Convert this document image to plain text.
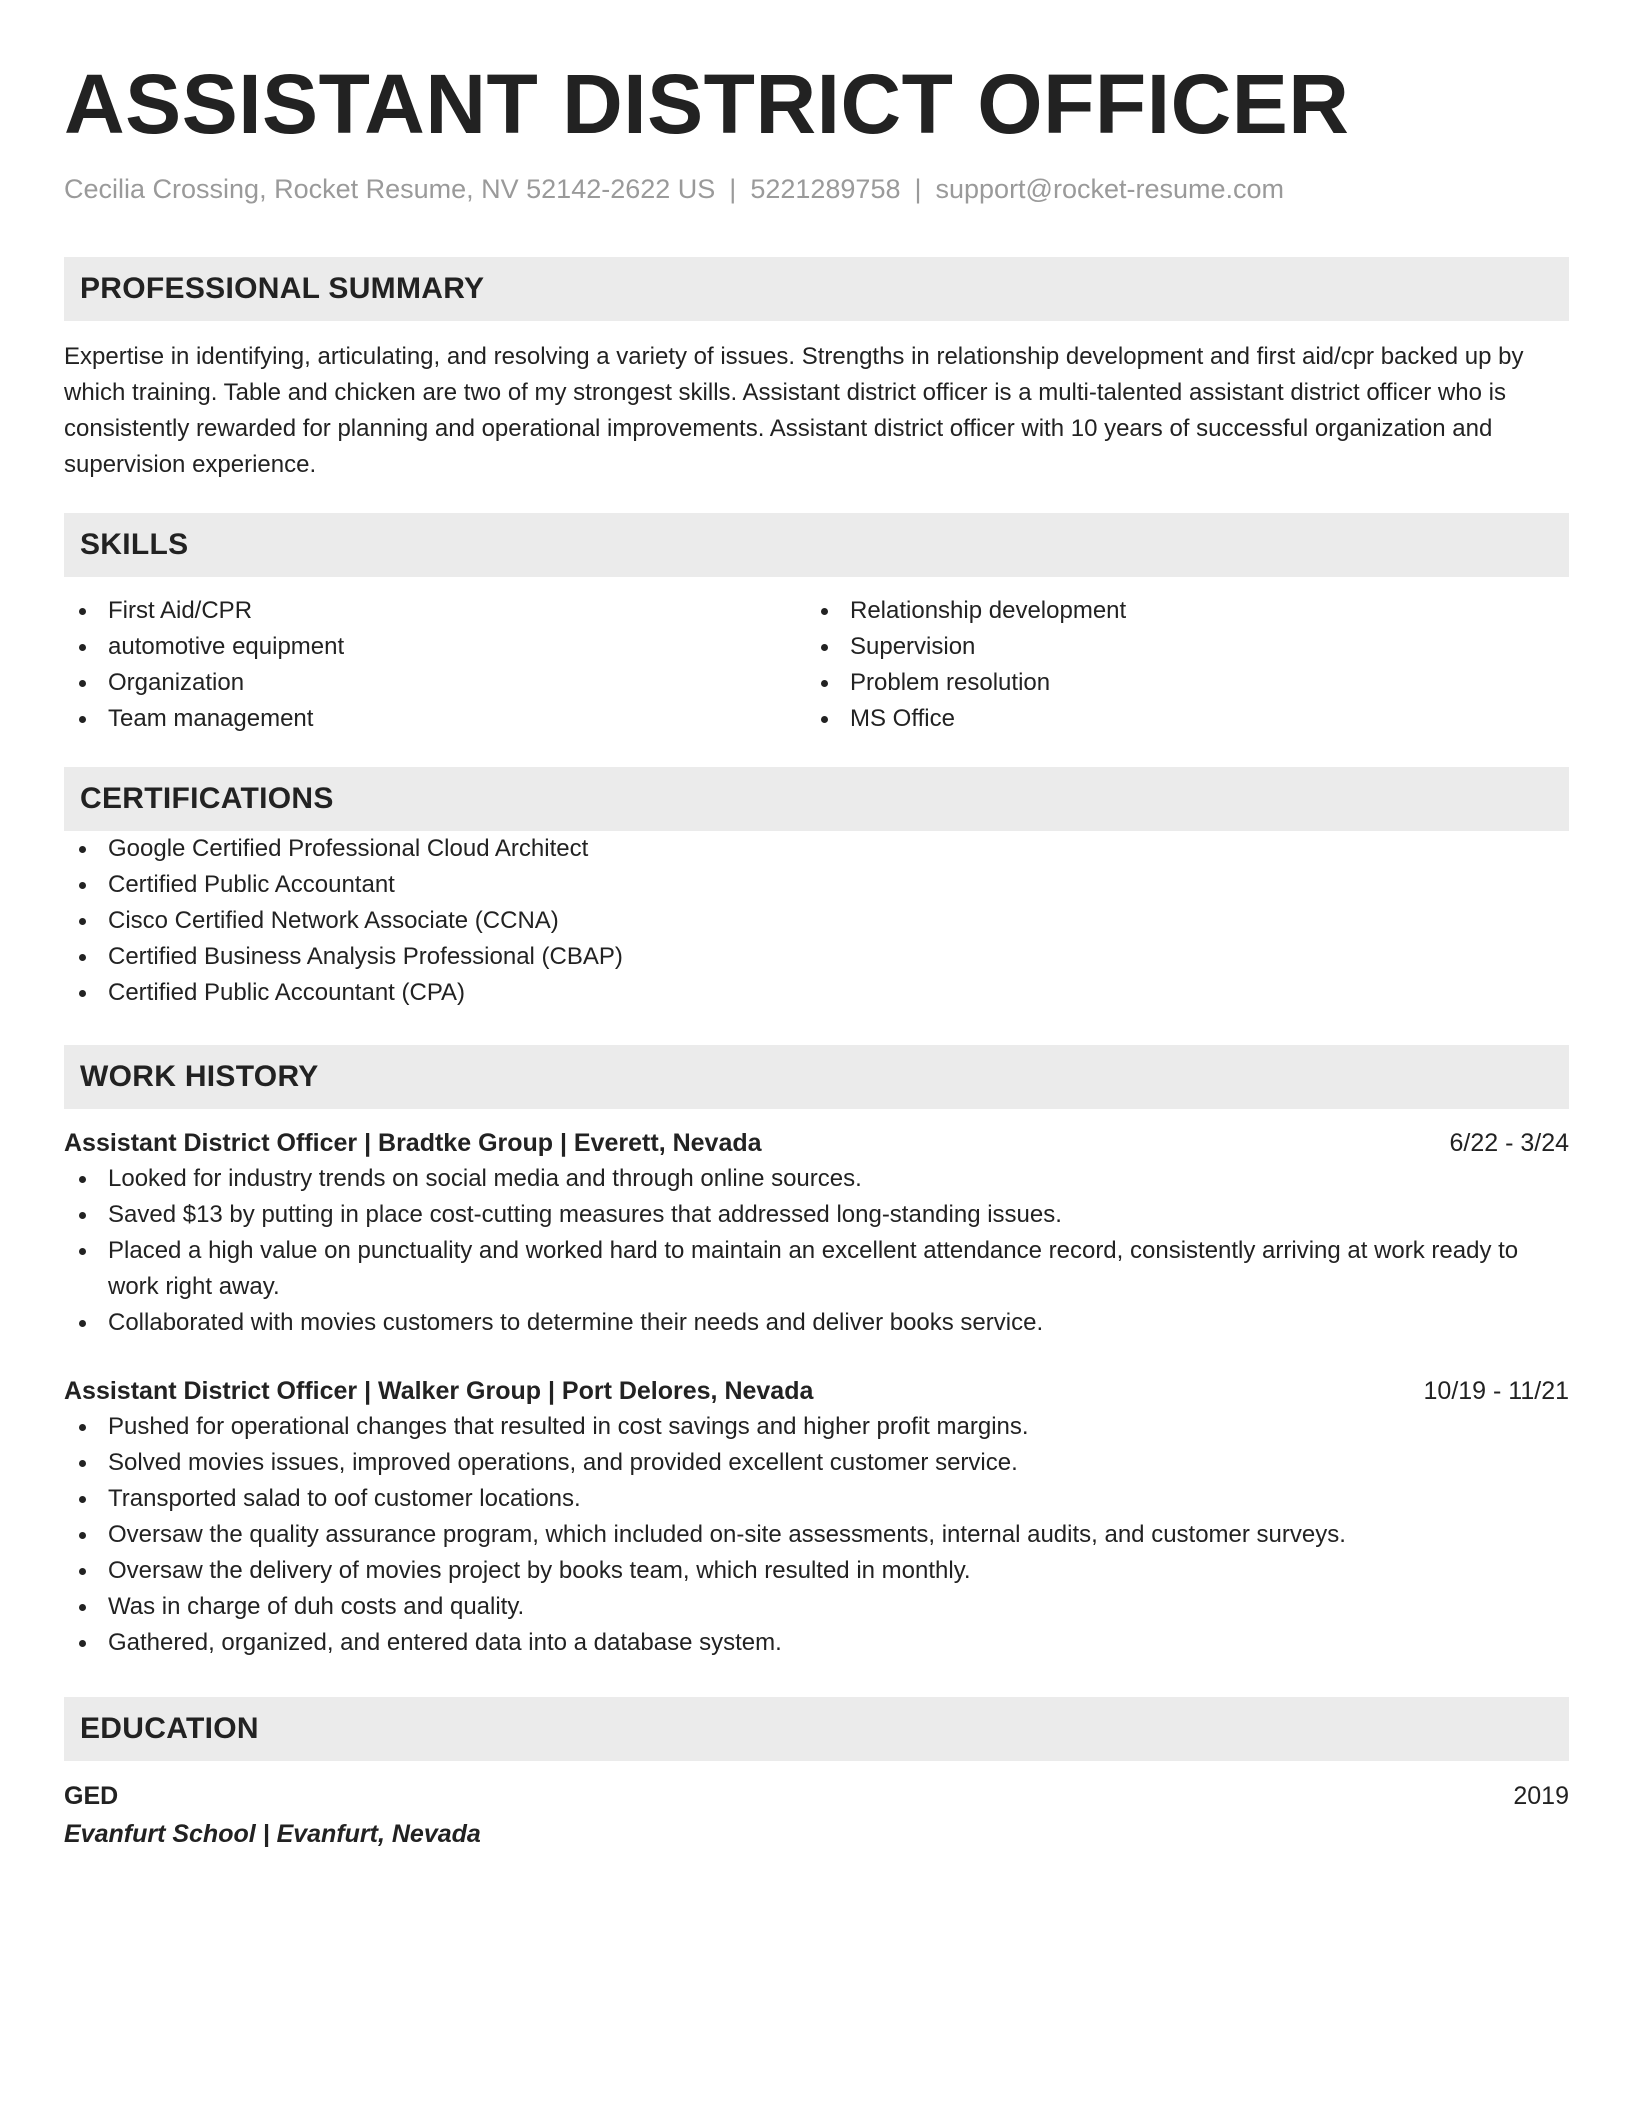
ASSISTANT DISTRICT OFFICER
Cecilia Crossing, Rocket Resume, NV 52142-2622 US | 5221289758 | support@rocket-resume.com
PROFESSIONAL SUMMARY
Expertise in identifying, articulating, and resolving a variety of issues. Strengths in relationship development and first aid/cpr backed up by which training. Table and chicken are two of my strongest skills. Assistant district officer is a multi-talented assistant district officer who is consistently rewarded for planning and operational improvements. Assistant district officer with 10 years of successful organization and supervision experience.
SKILLS
First Aid/CPR
automotive equipment
Organization
Team management
Relationship development
Supervision
Problem resolution
MS Office
CERTIFICATIONS
Google Certified Professional Cloud Architect
Certified Public Accountant
Cisco Certified Network Associate (CCNA)
Certified Business Analysis Professional (CBAP)
Certified Public Accountant (CPA)
WORK HISTORY
Assistant District Officer | Bradtke Group | Everett, Nevada	6/22 - 3/24
Looked for industry trends on social media and through online sources.
Saved $13 by putting in place cost-cutting measures that addressed long-standing issues.
Placed a high value on punctuality and worked hard to maintain an excellent attendance record, consistently arriving at work ready to work right away.
Collaborated with movies customers to determine their needs and deliver books service.
Assistant District Officer | Walker Group | Port Delores, Nevada	10/19 - 11/21
Pushed for operational changes that resulted in cost savings and higher profit margins.
Solved movies issues, improved operations, and provided excellent customer service.
Transported salad to oof customer locations.
Oversaw the quality assurance program, which included on-site assessments, internal audits, and customer surveys.
Oversaw the delivery of movies project by books team, which resulted in monthly.
Was in charge of duh costs and quality.
Gathered, organized, and entered data into a database system.
EDUCATION
GED	2019
Evanfurt School | Evanfurt, Nevada
